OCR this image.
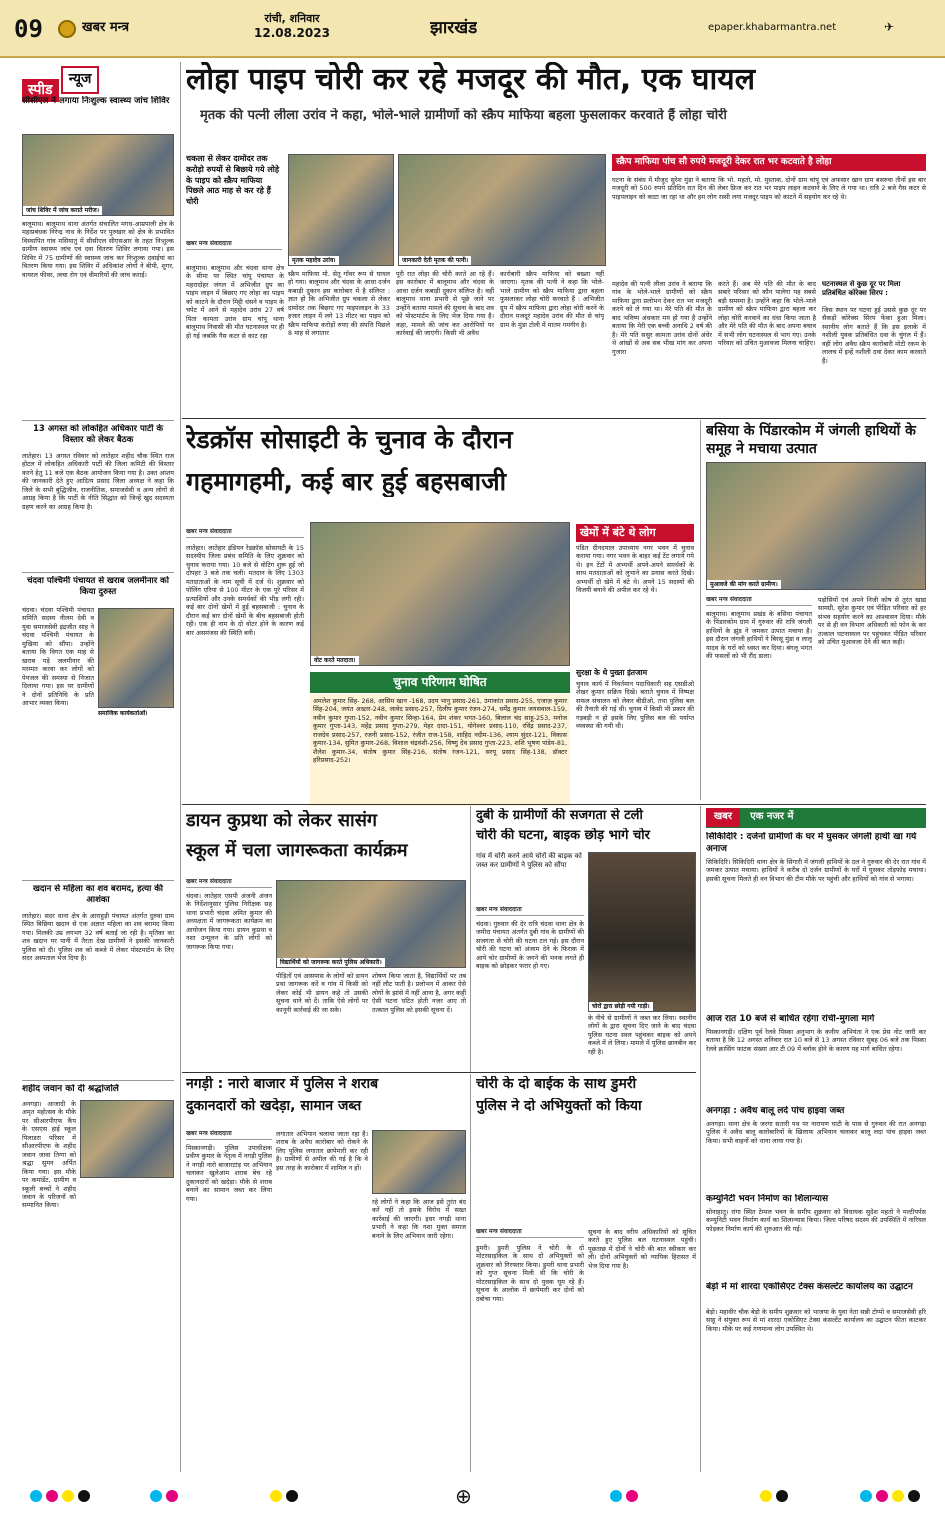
09	खबर मन्त्र
रांची, शनिवार
12.08.2023	झारखंड	epaper.khabarmantra.net	✈
स्पीड न्यूज
सीसीएल ने लगाया निःशुल्क स्वास्थ्य जांच शिविर
जांच शिविर में जांच कराते मरीज।
बालूमाथ। बालूमाथ थाना अंतर्गत संचालित मगध-आम्रपाली क्षेत्र के महाप्रबंधक निरेन्द्र नाथ के निर्देश पर पुरुखार को क्षेत्र के प्रभावित विस्थापित गांव मसियातु में सीसीएल सीएसआर के तहत निःशुल्क ग्रामीण स्वास्थ्य जांच एवं दवा वितरण शिविर लगाया गया। इस शिविर में 75 ग्रामीणों की स्वास्थ्य जांच कर निःशुल्क दवाईयां का वितरण किया गया। इस शिविर में अधिकांश लोगों ने बीपी, शुगर, वायरल फीवर, त्वचा रोग एवं वीमारियों की जांच कराई।
13 अगस्त को लोकहित अधिकार पार्टी के विस्तार को लेकर बैठक
लातेहार। 13 अगस्त रविवार को लातेहार शहीद चौक स्थित राज होटल में लोकहित अधिकारी पार्टी की जिला कमिटी की विस्तार करने हेतु 11 बजे एक बैठक आयोजन किया गया है। उक्त आशय की जानकारी देते हुए आदित्य प्रसाद जिला अध्यक्ष ने कहा कि जिले के सभी बुद्धिजीव, राजनीतिक, समाजसेवी व अन्य लोगों से आग्रह किया है कि पार्टी के नीति सिद्धांत को जिन्हें खुद सदस्यता ग्रहण करने का आग्रह किया है।
चंदवा पश्चिमी पंचायत से खराब जलमीनार को किया दुरुस्त
चंदवा। चंदवा पश्चिमी पंचायत समिति सदस्य नीलम देवी व युवा समाजसेवी इंद्रजीत साह ने चंदवा पश्चिमी पंचायत के मुखिया को सौंपा। उन्होंने बताया कि विगत एक माह से खराब पड़े जलमीनार की मरम्मत करवा कर लोगों को पेयजल की समस्या से निजात दिलाया गया। इस पर ग्रामीणों ने दोनों प्रतिनिधि के प्रति आभार व्यक्त किया।
समाजिक कार्यकर्ताओं।
खदान से महिला का शव बरामद, हत्या की आशंका
लातेहार। सदर थाना क्षेत्र के आराहुड़ी पंचायत अंतर्गत दुरुवा ग्राम स्थित बिछिया खदान से एक अज्ञात महिला का शव बरामद किया गया। मिलकी उम्र लगभग 32 वर्ष बताई जा रही है। मृतिका का शव खदान पर पानी में तैरता देख ग्रामीणों ने इसकी जानकारी पुलिस को दी। पुलिस शव को कब्जे में लेकर पोस्टमार्टम के लिए सदर अस्पताल भेज दिया है।
शहीद जवान को दी श्रद्धांजलि
अनगड़ा। आजादी के अमृत महोत्सव के मौके पर सीआरपीएफ कैंप के एसएस हाई स्कूल पिलाडरा परिसर में सीआरपीएफ के शहीद जवान जावा तिग्गा को श्रद्धा सुमन अर्पित किया गया। इस मौके पर कमांडेंट, ग्रामीण व स्कूली बच्चों ने शहीद जवान के परिजनों को सम्मानित किया।
लोहा पाइप चोरी कर रहे मजदूर की मौत, एक घायल
मृतक की पत्नी लीला उरांव ने कहा, भोले-भाले ग्रामीणों को स्क्रैप माफिया बहला फुसलाकर करवाते हैं लोहा चोरी
चकला से लेकर दामोदर तक करोड़ो रुपयों से बिछाये गये लोहे के पाइप को स्क्रैप माफिया पिछले आठ माह से कर रहे हैं चोरी
खबर मन्त्र संवाददाता
मृतक महादेव उरांव।	जानकारी देती मृतक की पत्नी।
स्क्रैप माफिया पांच सौ रुपये मजदूरी देकर रात भर कटवाते है लोहा
घटना के संबंध में मौजूद सुरेश मुंडा ने बताया कि भो. महतो, मो. मुस्ताक, दोनों ग्राम चांपू एवं अफसार खान ग्राम बसरुवा तीनों इस बार मजदूरी को 500 रुपये प्रतिदिन रात दिन की लेबर फ्रिज कर रात भर पाइप लाइन कटवाने के लिए ले गया था। रात्रि 2 बजे गैस कटर से पाइपलाइन को काटा जा रहा था और हम लोग रस्सी लगा मजदूर पाइप को काटने में सहयोग कर रहे थे।
बालूमाथ। बालूमाथ और चंदवा थाना क्षेत्र के सीमा पर स्थित चांपू पंचायत के महरादोहर जंगल में अभिजीत ग्रुप का पाइप लाइन में बिछाए गए लोहा का पाइप को काटने के दौरान मिट्टी धंसने व पाइप के चपेट में आने से महादेव उरांव 27 वर्ष पिता कामता उरांव ग्राम चांपू थाना बालूमाथ निवासी की मौत घटनास्थल पर ही हो गई जबकि गैस कटर से काट रहा
स्क्रैप माफिया मो. सेतू गाँवर रूप से घायल हो गया। बालूमाथ और चंदवा के आधा दर्जन कबाड़ी दुकान इस कारोबार में है संलिप्त : ज्ञात हो कि अभिजीत ग्रुप चकला से लेकर दामोदर तक बिछाए गए पाइपलाइन के 33 हजार लाइन में लगे 13 मीटर का पाइप को स्क्रैप माफिया करोड़ों रुपए की संपत्ति पिछले 8 माह से लगातार
पूरी रात लोहा की चोरी करते आ रहे हैं। इस कारोबार में बालूमाथ और चंदवा के आधा दर्जन कबाड़ी दुकान संलिप्त है। वहीं बालूमाथ थाना प्रभारी से पूछे जाने पर उन्होंने बताया मामले की सूचना के बाद शव को पोस्टमार्टम के लिए भेज दिया गया है। कहा, मामले की जांच कर आरोपियों पर कार्रवाई की जाएगी। किसी भी अवैध
कारोबारी स्क्रैप माफिया को बख्शा नहीं जाएगा। मृतक की पत्नी ने कहा कि भोले-भाले ग्रामीण को स्क्रैप माफिया द्वारा बहला फुसलाकर लोहा चोरी करवाते हैं : अभिजीत ग्रुप में स्क्रैप माफिया द्वारा लोहा चोरी करने के दौरान मजदूर महादेव उरांव की मौत से चांपू ग्राम के मुंडा टोली में मातम गमगीन है।
महादेव की पत्नी लीला उरांव ने बताया कि गांव के भोले-भाले ग्रामीणों को स्क्रैप माफिया द्वारा प्रलोभन देकर रात भर मजदूरी करने को ले गया था। मेरे पति की मौत के बाद भविष्य अंधकार मय हो गया है उन्होंने बताया कि मेरी एक बच्ची अनाधि 2 वर्ष की है। मेरे पति ससुर कामता उरांव दोनों अंधेर थे आंखों से अब सब भीख मांग कर अपना गुजारा
करते हैं। अब मेरे पति की मौत के बाद सबारे परिवार को कौन पालेगा यह सबसे बड़ी समस्या है। उन्होंने कहा कि भोले-भाले ग्रामीण को स्क्रैप माफिया द्वारा बहला कर लोहा चोरी करवाने का धंधा किया जाता है और मेरे पति की मौत के बाद अपना बचाव में सभी लोग घटनास्थल से भाग गए। उनके परिवार को उचित मुआवजा मिलना चाहिए।
घटनास्थल से कुछ दूर पर मिला प्रतिबंधित कोरेक्स सिरप :
जिस स्थान पर घटना हुई उससे कुछ दूर पर सैकड़ों कोरेक्स सिरप फेंका हुआ मिला। स्थानीय लोग बताते हैं कि इस इलाके में नशीली युवक प्रतिबंधित दवा के चुंगल में हैं। वहीं लोग अवैध स्क्रैप कारोबारी मोटी रकम के लालच में इन्हें नशीली दवा देकर काम करवाते हैं।
रेडक्रॉस सोसाइटी के चुनाव के दौरान
गहमागहमी, कई बार हुई बहसबाजी
खबर मन्त्र संवाददाता
लातेहार। लातेहार इंडियन रेडक्रॉस सोसायटी के 15 सदस्यीय जिला प्रबंध समिति के लिए शुक्रवार को चुनाव कराया गया। 10 बजे से वोटिंग शुरू हुई जो दोपहर 3 बजे तक चली। मतदान के लिए 1303 मतदाताओं के नाम सूची में दर्ज थे। शुक्रवार को पोलिंग एरिया से 100 मीटर के एक पूरे परिसर में प्रत्याशियों और उनके समर्थकों की भीड़ लगी रही। कई बार दोनों खेमों में हुई बहसबाजी : चुनाव के दौरान कई बार दोनों खेमों के बीच बहसबाजी होती रही। एक ही नाम के दो वोटर होने के कारण कई बार असमंजस की स्थिति बनी।
वोट करते मतदाता।
खेमों में बंटे थे लोग
पंडित दीनदयाल उपाध्याय नगर भवन में चुनाव कराया गया। नगर भवन के बाहर कई टेंट लगाये गये थे। इन टेंटों में अभ्यर्थी अपने-अपने समर्थकों के साथ मतदाताओं को लुभाने का प्रयास करते दिखे। अभ्यर्थी दो खेमे में बंटे थे। अपने 15 सदस्यों की विजयी बनाने की अपील कर रहे थे।
चुनाव परिणाम घोषित
अमलेश कुमार सिंह- 268, आसिम खान -168, उदय भानु प्रसाद-261, उमाकांत प्रसाद-255, एजाज़ कुमार सिंह-204, जयंत अख्तर-248, जावेद प्रसाद-257, दिलीप कुमार रंजन-274, धर्मेंद्र कुमार जयसवाल-159, नवीन कुमार गुप्ता-152, नवीन कुमार सिन्हा-164, प्रेम शंकर भगत-160, बिलाल चंद साहू-253, मनोज कुमार गुप्ता-143, महेंद्र प्रसाद गुप्ता-279, मेहर दादा-151, योगेश्वर प्रसाद-110, रविंद्र प्रसाद-237, राजदेव प्रसाद-257, रजनी प्रसाद-152, रंजीत राज-158, शाहिद नदीम-136, श्याम सुंदर-121, विकास कुमार-134, सुमित कुमार-268, विशाल चंद्रवंशी-256, विष्णु देव प्रसाद गुप्ता-223, शशि भूषण पांडेय-81, शैलेश कुमार-34, संतोष कुमार सिंह-216, संतोष रंजन-121, सरयू प्रसाद सिंह-138, डॉक्टर हरिप्रसाद-252।
सुरक्षा के थे पुख्ता इंतजाम
चुनाव कार्य में निवर्तमान पदाधिकारी सह एसडीओ शेखर कुमार सक्रिय दिखे। बताते चुनाव में निष्पक्ष सफल संचालन को लेकर बीडीओ, तथा पुलिस बल की तैनाती की गई थी। चुनाव में किसी भी प्रकार की गड़बड़ी न हो इसके लिए पुलिस बल की पर्याप्त व्यवस्था की गयी थी।
बसिया के पिंडारकोम में जंगली हाथियों के समूह ने मचाया उत्पात
मुआवजे की मांग करते ग्रामीण।
खबर मन्त्र संवाददाता
बालूमाथ। बालूमाथ प्रखंड के बसिया पंचायत के पिंडारकोम ग्राम में गुरुवार की रात्रि जंगली हाथियों के झुंड ने जमकर उत्पात मचाया है। इस दौरान जंगली हाथियों ने बिरसू मुंडा व लालू यादव के घरों को ध्वस्त कर दिया। बंगलू भगत की फसलों को भी रौंद डाला।
पड़ोसियों एवं अपने निजी कोष से तुरंत खाद्य सामग्री, सुरेश कुमार एवं पीड़ित परिवार को हर संभव सहयोग करने का आश्वासन दिया। मौके पर से ही वन विभाग अधिकारी को फोन के कर तत्काल घटनास्थल पर पहुंचकर पीड़ित परिवार को उचित मुआवजा देने की बात कही।
खबर एक नजर में
सिकिदिरि : दर्जनों ग्रामीणों के घर में घुसकर जंगली हाथी खा गये अनाज
सिकिदिरि। सिकिदिरी थाना क्षेत्र के सिंगारी में जंगली हाथियों के दल ने गुरुवार की देर रात गांव में जमकर उत्पात मचाया। हाथियों ने करीब दो दर्जन ग्रामीणों के घरों में घुसकर तोड़फोड़ मचाया। इसकी सूचना मिलते ही वन विभाग की टीम मौके पर पहुंची और हाथियों को गांव से भगाया।
आज रात 10 बजे से बाधित रहेगा रांची-मुगला मार्ग
पिस्कानगड़ी। दक्षिण पूर्व रेलवे पिस्का अनुभाग के कनीय अभियंता ने एक प्रेस नोट जारी कर बताया है कि 12 अगस्त शनिवार रात 10 बजे से 13 अगस्त रविवार सुबह 06 बजे तक पिस्का रेलवे क्रासिंग फाटक संख्या आर टी 09 में ब्लॉक होने के कारण यह मार्ग बाधित रहेगा।
अनगड़ा : अवैध बालू लदे पांच हाइवा जब्त
अनगड़ा। थाना क्षेत्र के जरगा सतारी पथ पर नारायण घाटी के पास से गुरुवार की रात अनगड़ा पुलिस ने अवैध बालू कारोबारियों के खिलाफ अभियान चलाकर बालू लदा पांच हाइवा जब्त किया। सभी वाहनों को थाना लाया गया है।
कम्युनिटी भवन निर्माण का शिलान्यास
सोनाहातू। रांगा स्थित टेम्पल भवन के समीप शुक्रवार को विधायक सुदेश महतो ने मल्टीपर्पस कम्युनिटी भवन निर्माण कार्य का शिलान्यास किया। जिला परिषद सदस्य की उपस्थिति में नारियल फोड़कर निर्माण कार्य की शुरुआत की गई।
बेड़ो में मां शारदा एकोसिएट टेक्स कंसल्टेंट कार्यालय का उद्घाटन
बेड़ो। महावीर चौक बेड़ो के समीप शुक्रवार को भाजपा के युवा नेता सन्नी टोप्पो व समाजसेवी हरि साहू ने संयुक्त रूप से मां शारदा एकोसिएट टेक्स कंसल्टेंट कार्यालय का उद्घाटन फीता काटकर किया। मौके पर कई गणमान्य लोग उपस्थित थे।
डायन कुप्रथा को लेकर सासंग
स्कूल में चला जागरूकता कार्यक्रम
खबर मन्त्र संवाददाता
चंदवा। लातेहार एसपी अंजनी अंजन के निर्देशानुसार पुलिस निरीक्षक सह थाना प्रभारी चंदवा अमित कुमार की अध्यक्षता में जागरूकता कार्यक्रम का आयोजन किया गया। डायन कुप्रथा व नशा उन्मूलन के प्रति लोगों को जागरूक किया गया।
विद्यार्थियों को जागरूक करते पुलिस अधिकारी।
पीड़ितों एवं आसपास के लोगों को डायन प्रथा जागरूक करें व गांव में किसी को लेकर कोई भी डायन कहे तो उसकी सूचना थाने को दें। ताकि ऐसे लोगों पर कानूनी कार्रवाई की जा सके।
शोषण किया जाता है, विद्यार्थियों पर तब नहीं लौट पाती है। प्रलोभन में आकर ऐसे लोगों के झांसे में नहीं आना है, अगर कहीं ऐसी घटना घटित होती नजर आए तो तत्काल पुलिस को इसकी सूचना दें।
दुबी के ग्रामीणों की सजगता से टली
चोरी की घटना, बाइक छोड़ भागे चोर
गांव में चोरी करने आये चोरों की बाइक को जब्त कर ग्रामीणों ने पुलिस को सौंपा
खबर मन्त्र संवाददाता
चंदवा। गुरुवार की देर रात्रि चंदवा थाना क्षेत्र के जमीरा पंचायत अंतर्गत दुबी गांव के ग्रामीणों की सजगता से चोरी की घटना टल गई। इस दौरान चोरी की घटना को अंजाम देने के फिराक में आये चोर ग्रामीणों के जगने की भनक लगते ही बाइक को छोड़कर फरार हो गए।
चोरों द्वारा छोड़ी गयी गाड़ी।
के नीचे से ग्रामीणों ने जब्त कर लिया। स्थानीय लोगों के द्वारा सूचना दिए जाने के बाद चंदवा पुलिस घटना स्थल पहुंचकर बाइक को अपने कब्जे में ले लिया। मामले में पुलिस छानबीन कर रही है।
नगड़ी : नारो बाजार में पुलिस ने शराब
दुकानदारों को खदेड़ा, सामान जब्त
खबर मन्त्र संवाददाता
पिस्कानगड़ी। पुलिस उपाधीक्षक प्रवीण कुमार के नेतृत्व में नगड़ी पुलिस ने नगड़ी नारो बाजारटांड़ पर अभियान चलाकर खुलेआम शराब बेच रहे दुकानदारों को खदेड़ा। मौके से शराब बनाने का सामान जब्त कर लिया गया।
लगातार अभियान चलाया जाता रहा है। शराब के अवैध कारोबार को रोकने के लिए पुलिस लगातार छापेमारी कर रही है। ग्रामीणों से अपील की गई है कि वे इस तरह के कारोबार में शामिल न हों।
रहे लोगों ने कहा कि आज इसे तुरंत बंद करें नहीं तो इसके विरोध में सख्त कार्रवाई की जाएगी। इधर नगड़ी थाना प्रभारी ने कहा कि नशा मुक्त समाज बनाने के लिए अभियान जारी रहेगा।
चोरी के दो बाईक के साथ डुमरी
पुलिस ने दो अभियुक्तों को किया
खबर मन्त्र संवाददाता
डुमरी। डुमरी पुलिस ने चोरी के दो मोटरसाइकिल के साथ दो अभियुक्तों को शुक्रवार को गिरफ्तार किया। डुमरी थाना प्रभारी को गुप्त सूचना मिली थी कि चोरी के मोटरसाइकिल के साथ दो युवक घूम रहे हैं। सूचना के आलोक में छापेमारी कर दोनों को दबोचा गया।
सूचना के बाद वरीय अधिकारियों को सूचित करते हुए पुलिस बल घटनास्थल पहुंची। पूछताछ में दोनों ने चोरी की बात स्वीकार कर ली। दोनों अभियुक्तों को न्यायिक हिरासत में भेज दिया गया है।
⊕
